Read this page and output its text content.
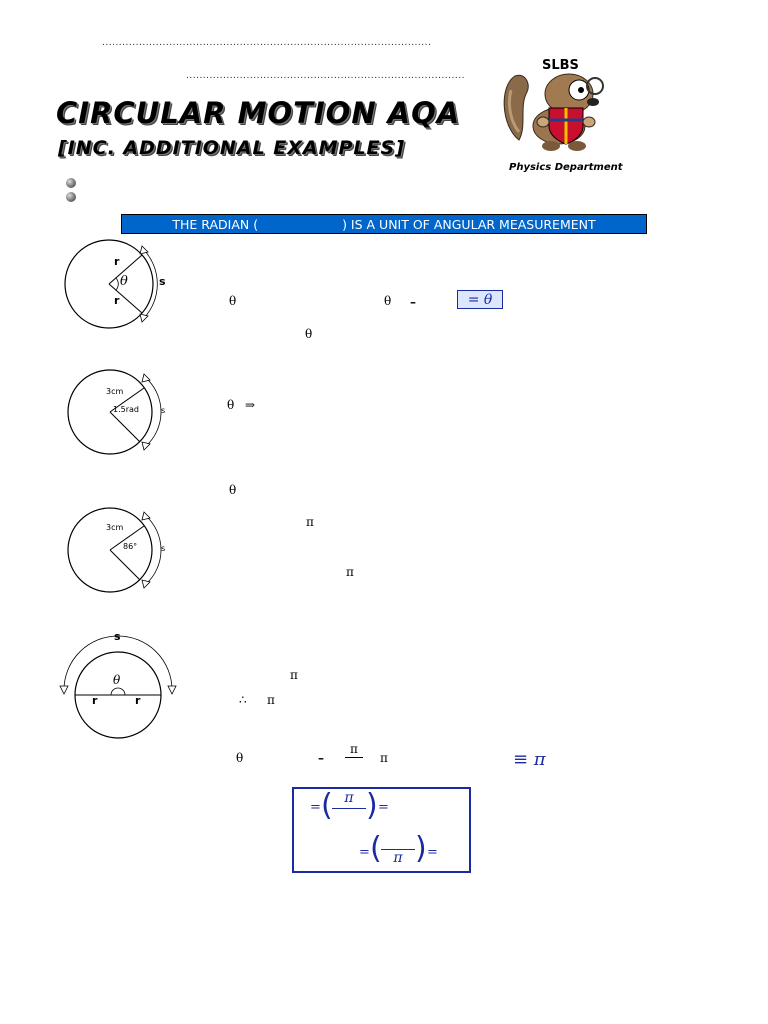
..................................................................................................
...................................................................................
CIRCULAR MOTION AQA
[INC. ADDITIONAL EXAMPLES]
SLBS
Physics Department
THE RADIAN (	) IS A UNIT OF ANGULAR MEASUREMENT
r
r
θ	s
θ	θ –	= θ
θ
3cm
1.5rad	s	θ ⇒
θ
3cm
86°	s
π
π
s
θ
r	r
π
∴ π
θ	–
π
π	≡ π
= ( π ) =
= ( π ) =
